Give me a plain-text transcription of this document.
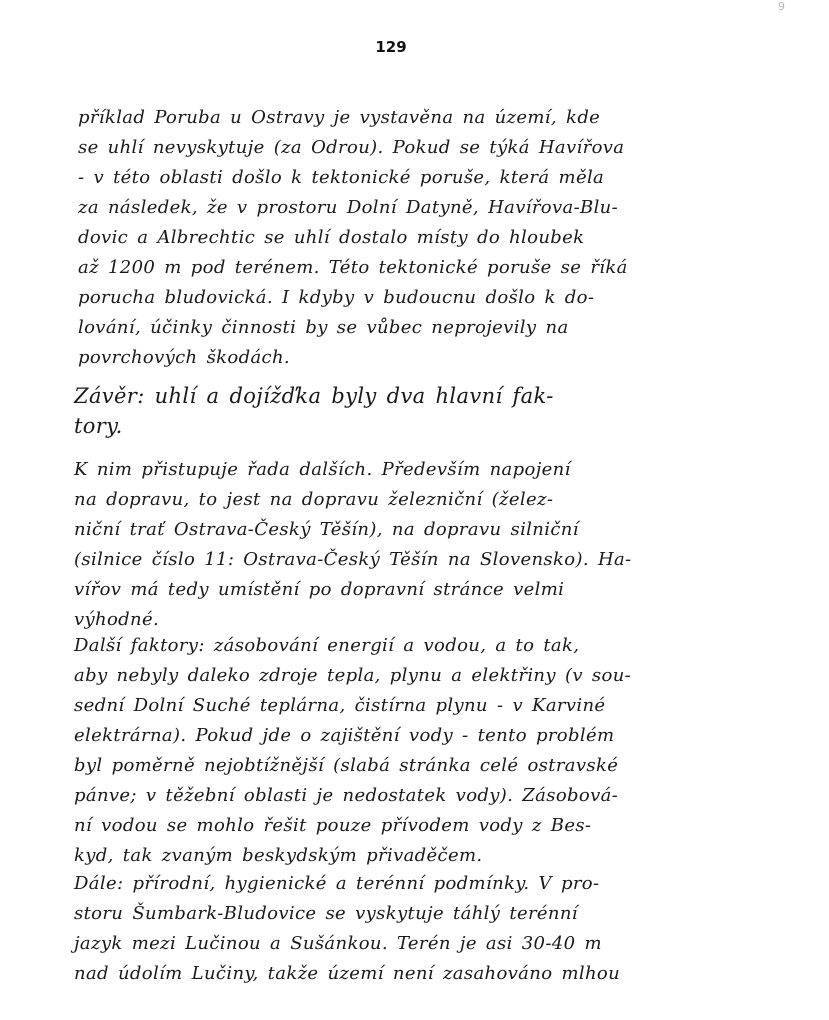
9
129
příklad Poruba u Ostravy je vystavěna na území, kde
se uhlí nevyskytuje (za Odrou). Pokud se týká Havířova
- v této oblasti došlo k tektonické poruše, která měla
za následek, že v prostoru Dolní Datyně, Havířova-Blu-
dovic a Albrechtic se uhlí dostalo místy do hloubek
až 1200 m pod terénem. Této tektonické poruše se říká
porucha bludovická. I kdyby v budoucnu došlo k do-
lování, účinky činnosti by se vůbec neprojevily na
povrchových škodách.
Závěr: uhlí a dojížďka byly dva hlavní fak-
tory.
K nim přistupuje řada dalších. Především napojení
na dopravu, to jest na dopravu železniční (želez-
niční trať Ostrava-Český Těšín), na dopravu silniční
(silnice číslo 11: Ostrava-Český Těšín na Slovensko). Ha-
vířov má tedy umístění po dopravní stránce velmi
výhodné.
Další faktory: zásobování energií a vodou, a to tak,
aby nebyly daleko zdroje tepla, plynu a elektřiny (v sou-
sední Dolní Suché teplárna, čistírna plynu - v Karviné
elektrárna). Pokud jde o zajištění vody - tento problém
byl poměrně nejobtížnější (slabá stránka celé ostravské
pánve; v těžební oblasti je nedostatek vody). Zásobová-
ní vodou se mohlo řešit pouze přívodem vody z Bes-
kyd, tak zvaným beskydským přivaděčem.
Dále: přírodní, hygienické a terénní podmínky. V pro-
storu Šumbark-Bludovice se vyskytuje táhlý terénní
jazyk mezi Lučinou a Sušánkou. Terén je asi 30-40 m
nad údolím Lučiny, takže území není zasahováno mlhou
